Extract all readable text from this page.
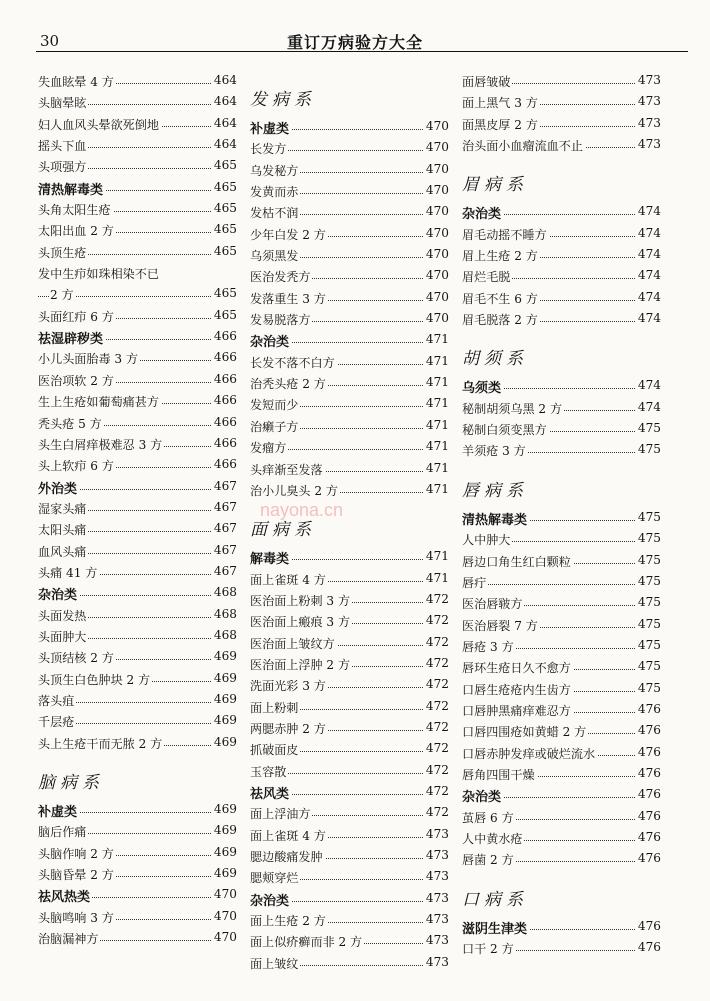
30	重订万病验方大全
失血眩晕 4 方	464
头脑晕眩	464
妇人血风头晕欲死倒地	464
摇头下血	464
头项强方	465
清热解毒类	465
头角太阳生疮	465
太阳出血 2 方	465
头顶生疮	465
发中生疖如珠相染不已
2 方	465
头面红疖 6 方	465
祛湿辟秽类	466
小儿头面胎毒 3 方	466
医治项软 2 方	466
生上生疮如葡萄痛甚方	466
秃头疮 5 方	466
头生白屑痒极难忍 3 方	466
头上软疖 6 方	466
外治类	467
湿家头痛	467
太阳头痛	467
血风头痛	467
头痛 41 方	467
杂治类	468
头面发热	468
头面肿大	468
头顶结核 2 方	469
头顶生白色肿块 2 方	469
落头疽	469
千层疮	469
头上生疮干而无脓 2 方	469
脑病系
补虚类	469
脑后作痛	469
头脑作响 2 方	469
头脑昏晕 2 方	469
祛风热类	470
头脑鸣响 3 方	470
治脑漏神方	470
发病系
补虚类	470
长发方	470
乌发秘方	470
发黄而赤	470
发枯不润	470
少年白发 2 方	470
乌须黑发	470
医治发秃方	470
发落重生 3 方	470
发易脱落方	470
杂治类	471
长发不落不白方	471
治秃头疮 2 方	471
发短而少	471
治癞子方	471
发瘤方	471
头痒渐至发落	471
治小儿臭头 2 方	471
面病系
解毒类	471
面上雀斑 4 方	471
医治面上粉刺 3 方	472
医治面上瘢痕 3 方	472
医治面上皱纹方	472
医治面上浮肿 2 方	472
洗面光彩 3 方	472
面上粉刺	472
两腮赤肿 2 方	472
抓破面皮	472
玉容散	472
祛风类	472
面上浮油方	472
面上雀斑 4 方	473
腮边酸痛发肿	473
腮颊穿烂	473
杂治类	473
面上生疮 2 方	473
面上似疥癣而非 2 方	473
面上皱纹	473
面唇皱破	473
面上黑气 3 方	473
面黑皮厚 2 方	473
治头面小血瘤流血不止	473
眉病系
杂治类	474
眉毛动摇不睡方	474
眉上生疮 2 方	474
眉烂毛脱	474
眉毛不生 6 方	474
眉毛脱落 2 方	474
胡须系
乌须类	474
秘制胡须乌黑 2 方	474
秘制白须变黑方	475
羊须疮 3 方	475
唇病系
清热解毒类	475
人中肿大	475
唇边口角生红白颗粒	475
唇疔	475
医治唇皲方	475
医治唇裂 7 方	475
唇疮 3 方	475
唇环生疮日久不愈方	475
口唇生疮疮内生齿方	475
口唇肿黑痛痒难忍方	476
口唇四围疮如黄蜡 2 方	476
口唇赤肿发痒或破烂流水	476
唇角四围干燥	476
杂治类	476
茧唇 6 方	476
人中黄水疮	476
唇菌 2 方	476
口病系
滋阴生津类	476
口干 2 方	476
nayona.cn
